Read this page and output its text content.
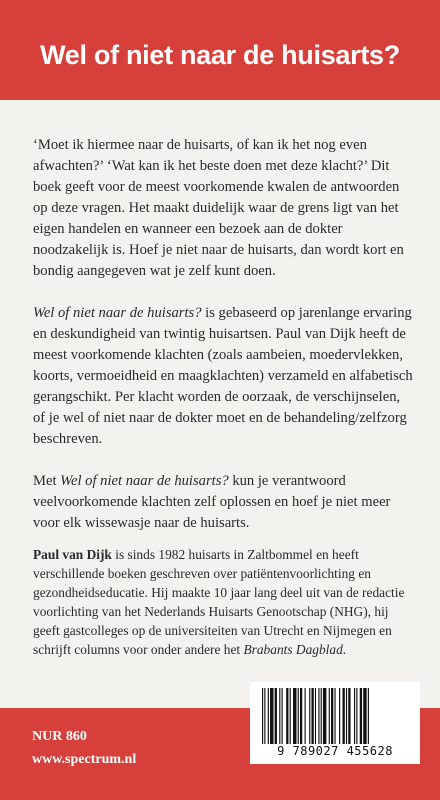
Wel of niet naar de huisarts?

‘Moet ik hiermee naar de huisarts, of kan ik het nog even afwachten?’ ‘Wat kan ik het beste doen met deze klacht?’ Dit boek geeft voor de meest voorkomende kwalen de antwoorden op deze vragen. Het maakt duidelijk waar de grens ligt van het eigen handelen en wanneer een bezoek aan de dokter noodzakelijk is. Hoef je niet naar de huisarts, dan wordt kort en bondig aangegeven wat je zelf kunt doen.

Wel of niet naar de huisarts? is gebaseerd op jarenlange ervaring en deskundigheid van twintig huisartsen. Paul van Dijk heeft de meest voorkomende klachten (zoals aambeien, moedervlekken, koorts, vermoeidheid en maagklachten) verzameld en alfabetisch gerangschikt. Per klacht worden de oorzaak, de verschijnselen, of je wel of niet naar de dokter moet en de behandeling/zelfzorg beschreven.

Met Wel of niet naar de huisarts? kun je verantwoord veelvoorkomende klachten zelf oplossen en hoef je niet meer voor elk wissewasje naar de huisarts.

Paul van Dijk is sinds 1982 huisarts in Zaltbommel en heeft verschillende boeken geschreven over patiëntenvoorlichting en gezondheidseducatie. Hij maakte 10 jaar lang deel uit van de redactie voorlichting van het Nederlands Huisarts Genootschap (NHG), hij geeft gastcolleges op de universiteiten van Utrecht en Nijmegen en schrijft columns voor onder andere het Brabants Dagblad.

NUR 860
www.spectrum.nl
9 789027 455628
